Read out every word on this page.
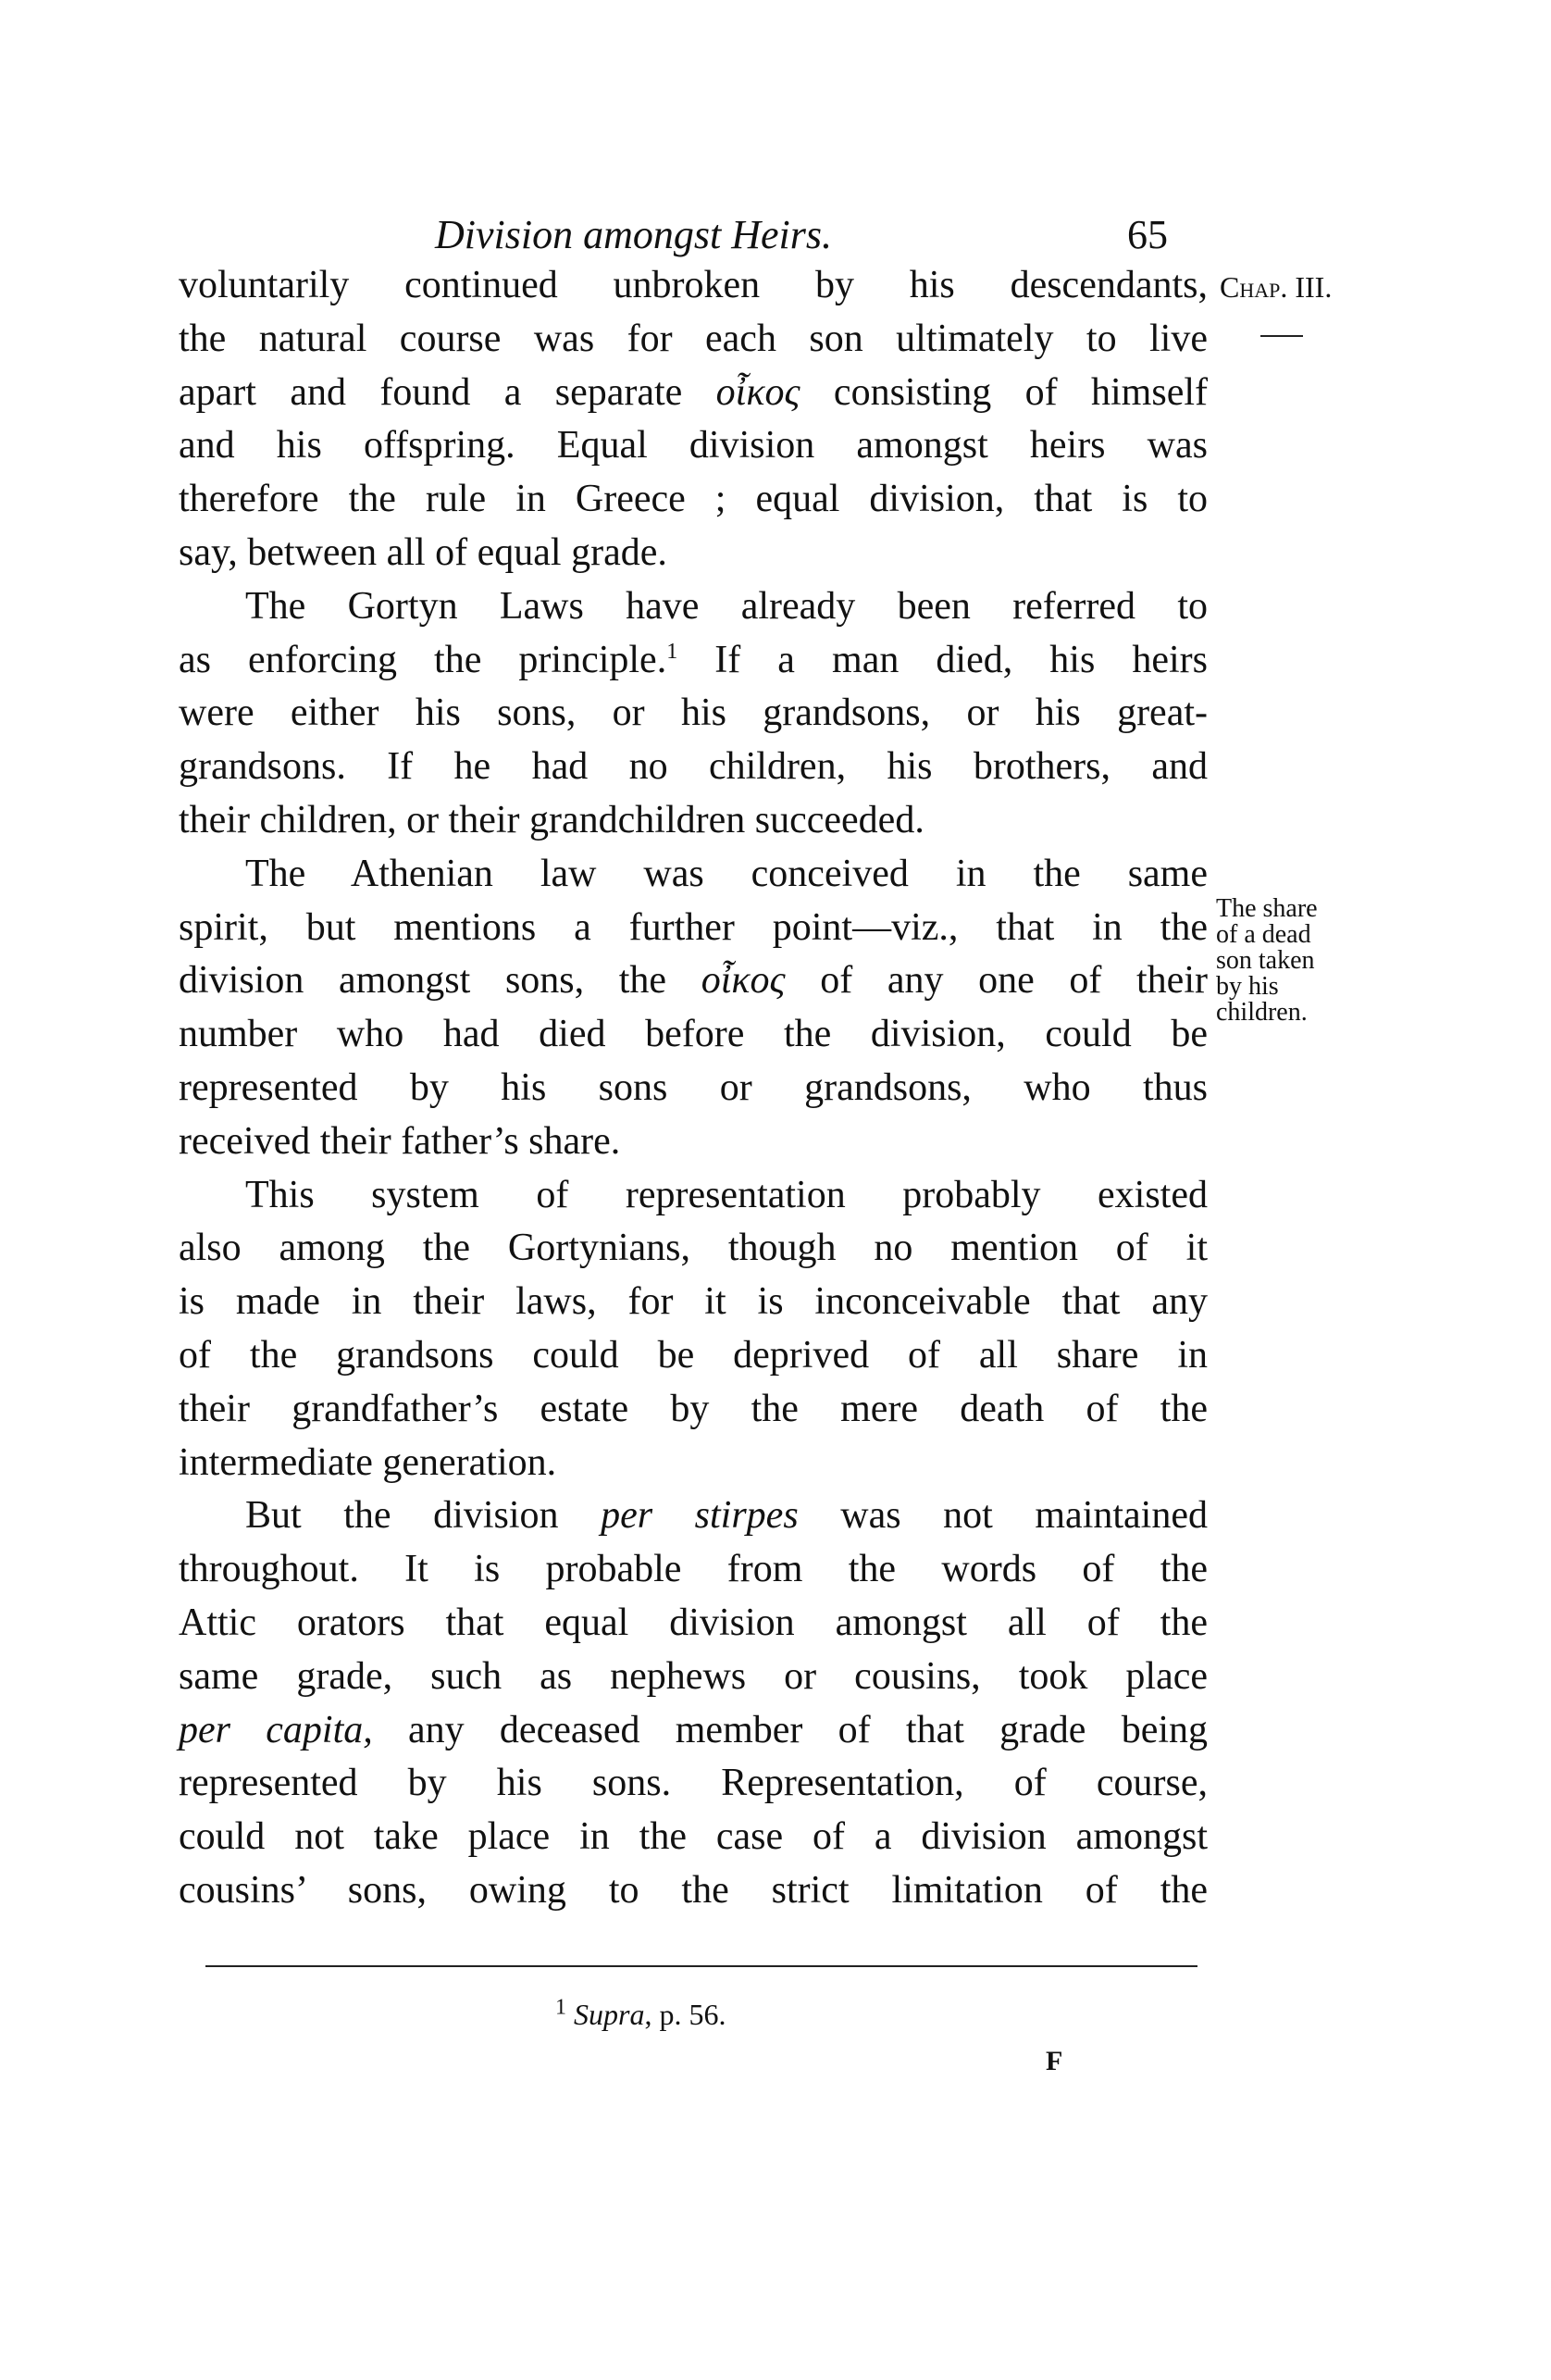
Division amongst Heirs.	65
Chap. III.
The share
of a dead
son taken
by his
children.
voluntarily continued unbroken by his descendants,
the natural course was for each son ultimately to live
apart and found a separate οἶκος consisting of himself
and his offspring. Equal division amongst heirs was
therefore the rule in Greece ; equal division, that is to
say, between all of equal grade.
The Gortyn Laws have already been referred to
as enforcing the principle.$^1$ If a man died, his heirs
were either his sons, or his grandsons, or his great-
grandsons. If he had no children, his brothers, and
their children, or their grandchildren succeeded.
The Athenian law was conceived in the same
spirit, but mentions a further point—viz., that in the
division amongst sons, the οἶκος of any one of their
number who had died before the division, could be
represented by his sons or grandsons, who thus
received their father’s share.
This system of representation probably existed
also among the Gortynians, though no mention of it
is made in their laws, for it is inconceivable that any
of the grandsons could be deprived of all share in
their grandfather’s estate by the mere death of the
intermediate generation.
But the division per stirpes was not maintained
throughout. It is probable from the words of the
Attic orators that equal division amongst all of the
same grade, such as nephews or cousins, took place
per capita, any deceased member of that grade being
represented by his sons. Representation, of course,
could not take place in the case of a division amongst
cousins’ sons, owing to the strict limitation of the
$^1$ Supra, p. 56.
F
